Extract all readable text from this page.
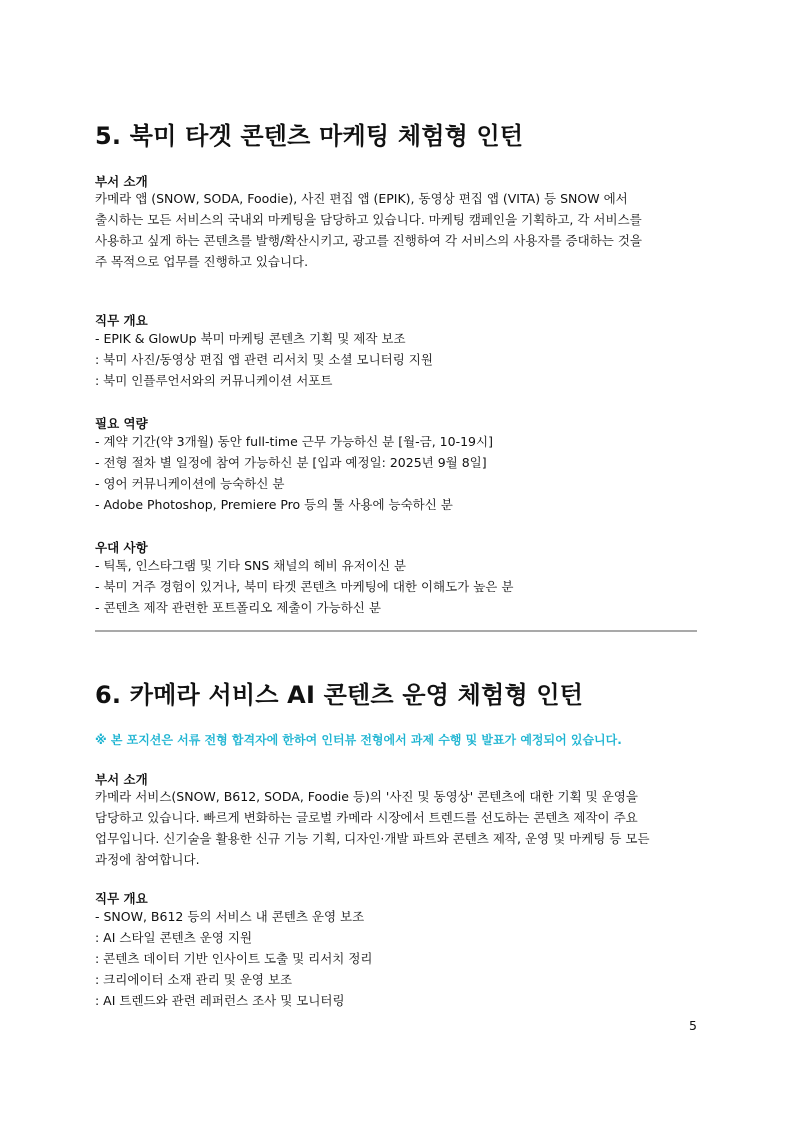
5. 북미 타겟 콘텐츠 마케팅 체험형 인턴
부서 소개
카메라 앱 (SNOW, SODA, Foodie), 사진 편집 앱 (EPIK), 동영상 편집 앱 (VITA) 등 SNOW 에서
출시하는 모든 서비스의 국내외 마케팅을 담당하고 있습니다. 마케팅 캠페인을 기획하고, 각 서비스를
사용하고 싶게 하는 콘텐츠를 발행/확산시키고, 광고를 진행하여 각 서비스의 사용자를 증대하는 것을
주 목적으로 업무를 진행하고 있습니다.
직무 개요
- EPIK & GlowUp 북미 마케팅 콘텐츠 기획 및 제작 보조
: 북미 사진/동영상 편집 앱 관련 리서치 및 소셜 모니터링 지원
: 북미 인플루언서와의 커뮤니케이션 서포트
필요 역량
- 계약 기간(약 3개월) 동안 full-time 근무 가능하신 분 [월-금, 10-19시]
- 전형 절차 별 일정에 참여 가능하신 분 [입과 예정일: 2025년 9월 8일]
- 영어 커뮤니케이션에 능숙하신 분
- Adobe Photoshop, Premiere Pro 등의 툴 사용에 능숙하신 분
우대 사항
- 틱톡, 인스타그램 및 기타 SNS 채널의 헤비 유저이신 분
- 북미 거주 경험이 있거나, 북미 타겟 콘텐츠 마케팅에 대한 이해도가 높은 분
- 콘텐츠 제작 관련한 포트폴리오 제출이 가능하신 분
6. 카메라 서비스 AI 콘텐츠 운영 체험형 인턴
※ 본 포지션은 서류 전형 합격자에 한하여 인터뷰 전형에서 과제 수행 및 발표가 예정되어 있습니다.
부서 소개
카메라 서비스(SNOW, B612, SODA, Foodie 등)의 '사진 및 동영상' 콘텐츠에 대한 기획 및 운영을
담당하고 있습니다. 빠르게 변화하는 글로벌 카메라 시장에서 트렌드를 선도하는 콘텐츠 제작이 주요
업무입니다. 신기술을 활용한 신규 기능 기획, 디자인·개발 파트와 콘텐츠 제작, 운영 및 마케팅 등 모든
과정에 참여합니다.
직무 개요
- SNOW, B612 등의 서비스 내 콘텐츠 운영 보조
: AI 스타일 콘텐츠 운영 지원
: 콘텐츠 데이터 기반 인사이트 도출 및 리서치 정리
: 크리에이터 소재 관리 및 운영 보조
: AI 트렌드와 관련 레퍼런스 조사 및 모니터링
5
